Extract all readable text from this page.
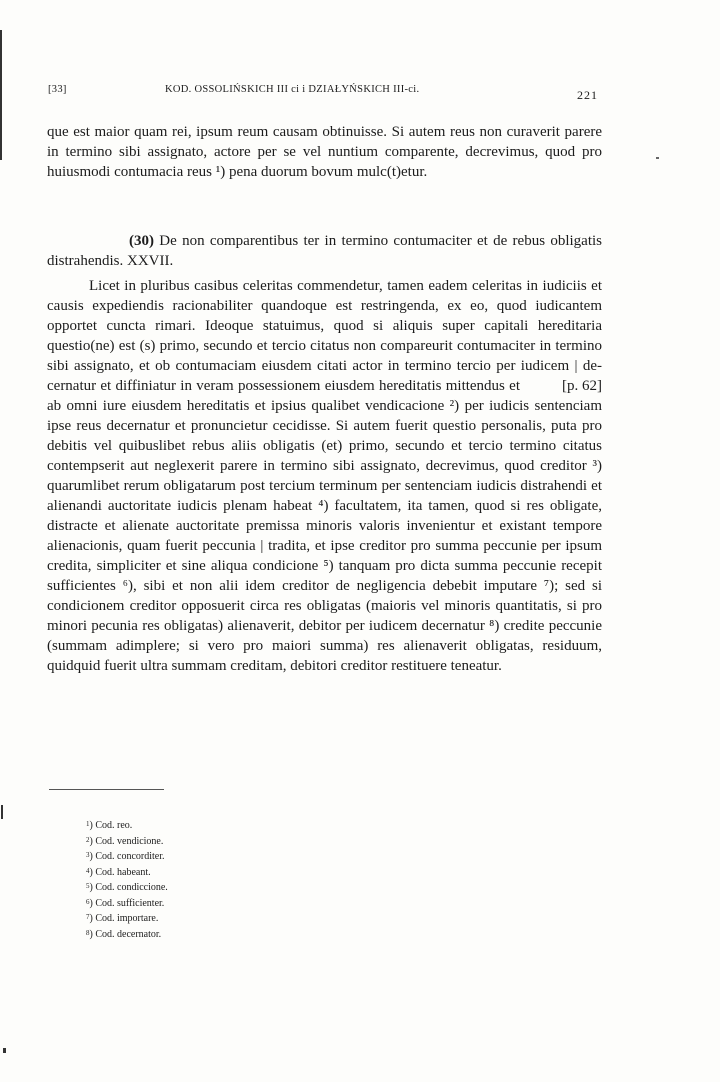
[33]	KOD. OSSOLIŃSKICH III ci i DZIAŁYŃSKICH III-ci.	221
que est maior quam rei, ipsum reum causam obtinuisse. Si autem reus non curaverit parere in termino sibi assignato, actore per se vel nuntium comparente, decrevimus, quod pro huiusmodi contumacia reus ¹) pena duorum bovum mulc(t)etur.
(30) De non comparentibus ter in termino contumaciter et de rebus obligatis distrahendis. XXVII.
Licet in pluribus casibus celeritas commendetur, tamen eadem celeritas in iudiciis et causis expediendis racionabiliter quandoque est restringenda, ex eo, quod iudicantem opportet cuncta rimari. Ideoque statuimus, quod si aliquis super capitali hereditaria questio(ne) est (s) primo, secundo et tercio citatus non compareurit contumaciter in termino sibi assignato, et ob contumaciam eiusdem citati actor in termino tercio per iudicem | de-
[p. 62]
cernatur et diffiniatur in veram possessionem eiusdem hereditatis mittendus et ab omni iure eiusdem hereditatis et ipsius qualibet vendicacione ²) per iudicis sentenciam ipse reus decernatur et pronuncietur cecidisse. Si autem fuerit questio personalis, puta pro debitis vel quibuslibet rebus aliis obligatis (et) primo, secundo et tercio termino citatus contempserit aut neglexerit parere in termino sibi assignato, decrevimus, quod creditor ³) quarumlibet rerum obligatarum post tercium terminum per sentenciam iudicis distrahendi et alienandi auctoritate iudicis plenam habeat ⁴) facultatem, ita tamen, quod si res obligate, distracte et alienate auctoritate premissa minoris valoris invenientur et existant tempore alienacionis, quam fuerit peccunia | tradita, et ipse creditor pro summa peccunie per ipsum credita, simpliciter et sine aliqua condicione ⁵) tanquam pro dicta summa peccunie recepit sufficientes ⁶), sibi et non alii idem creditor de negligencia debebit imputare ⁷); sed si condicionem creditor opposuerit circa res obligatas (maioris vel minoris quantitatis, si pro minori pecunia res obligatas) alienaverit, debitor per iudicem decernatur ⁸) credite peccunie (summam adimplere; si vero pro maiori summa) res alienaverit obligatas, residuum, quidquid fuerit ultra summam creditam, debitori creditor restituere teneatur.
$^1$) Cod. reo.
$^2$) Cod. vendicione.
$^3$) Cod. concorditer.
$^4$) Cod. habeant.
$^5$) Cod. condiccione.
$^6$) Cod. sufficienter.
$^7$) Cod. importare.
$^8$) Cod. decernator.
